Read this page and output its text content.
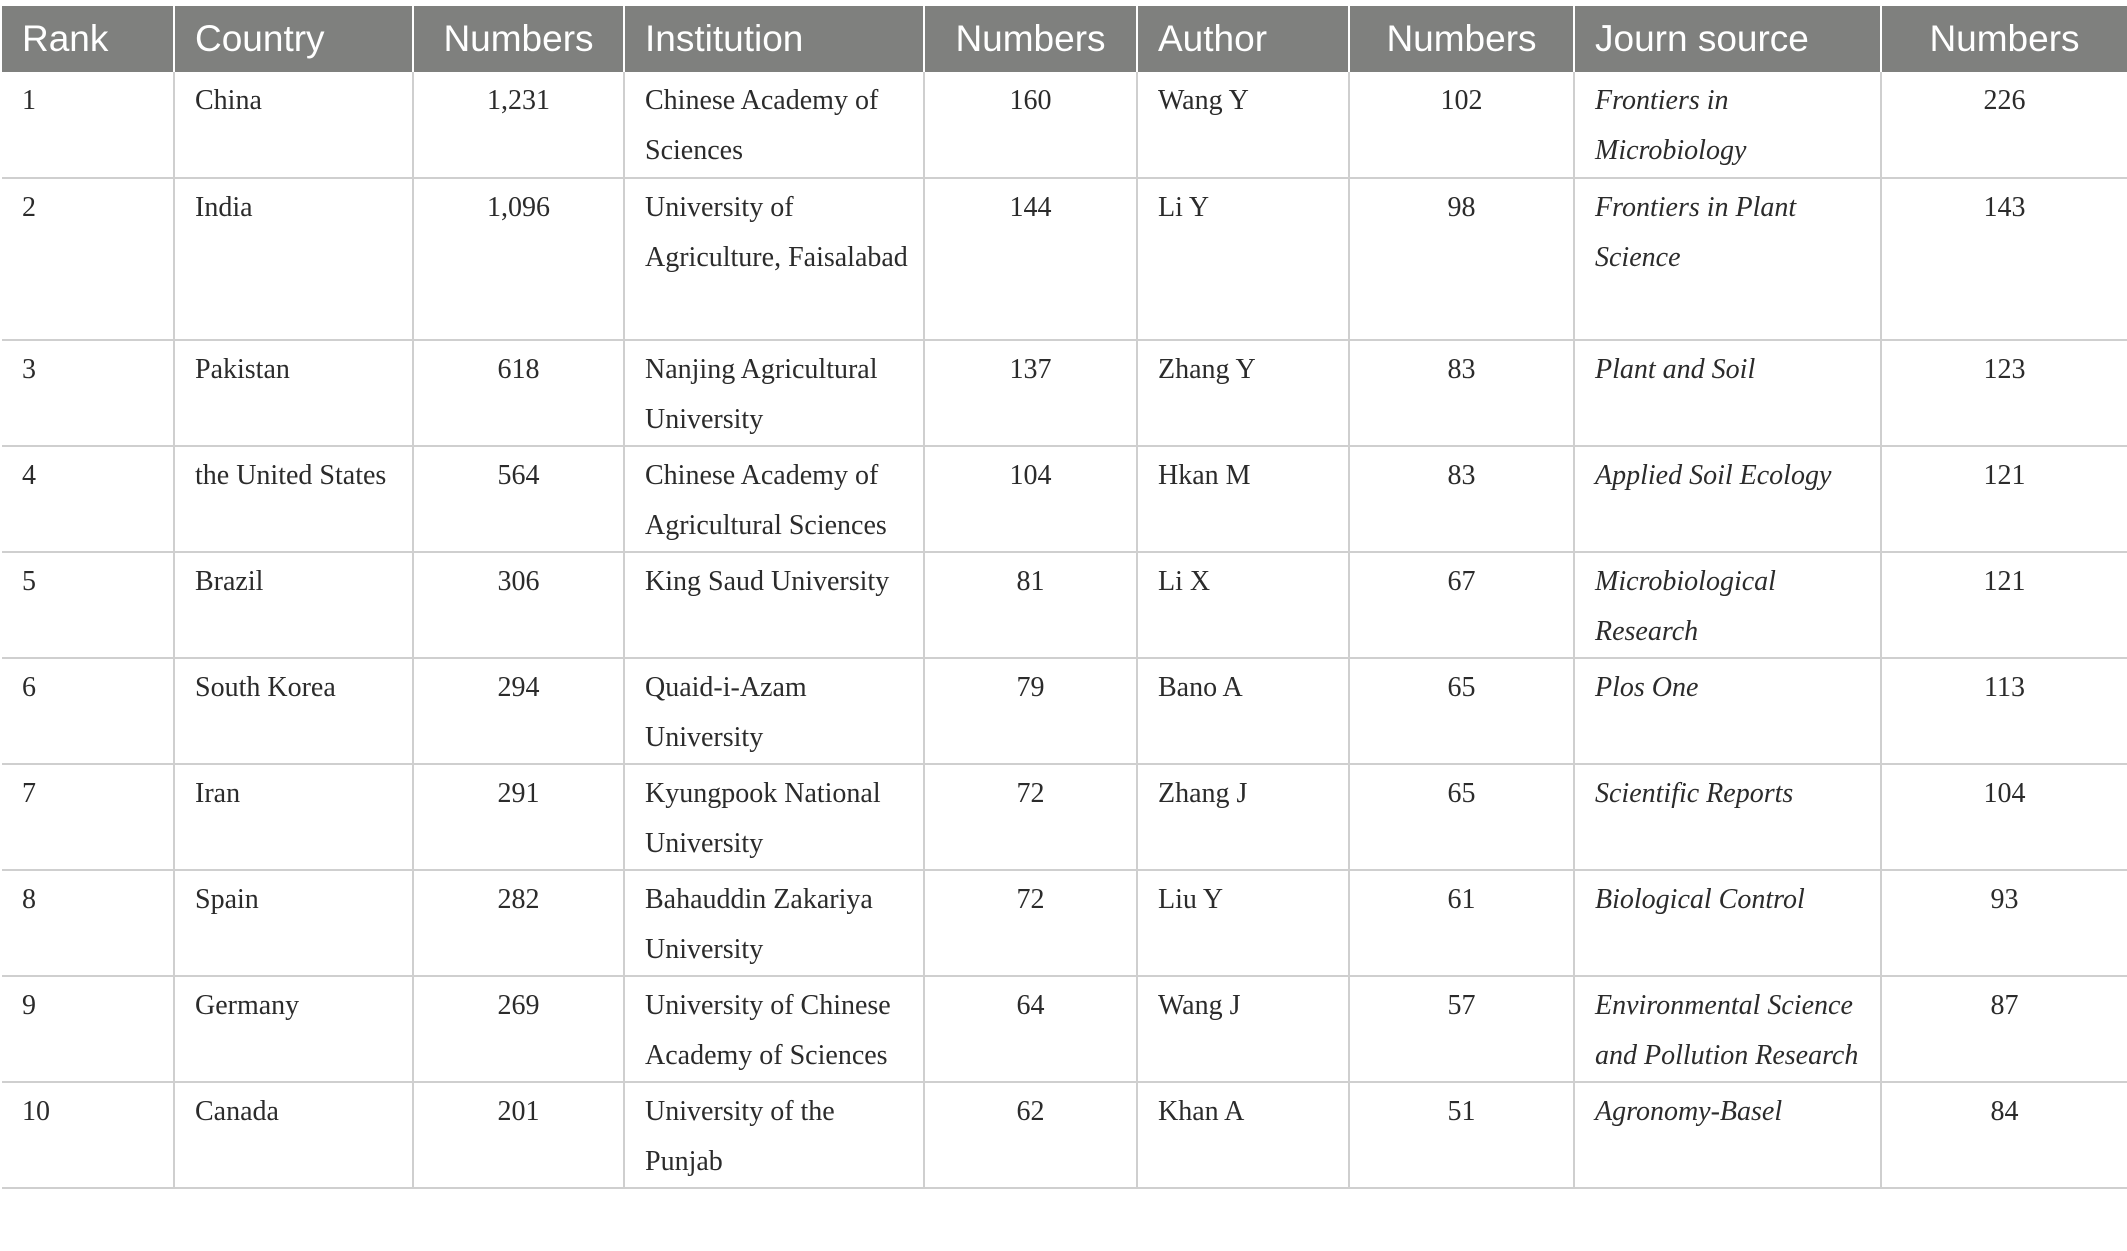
Rank	Country	Numbers	Institution	Numbers	Author	Numbers	Journ source	Numbers
1	China	1,231	Chinese Academy of Sciences	160	Wang Y	102	Frontiers in Microbiology	226
2	India	1,096	University of Agriculture, Faisalabad	144	Li Y	98	Frontiers in Plant Science	143
3	Pakistan	618	Nanjing Agricultural University	137	Zhang Y	83	Plant and Soil	123
4	the United States	564	Chinese Academy of Agricultural Sciences	104	Hkan M	83	Applied Soil Ecology	121
5	Brazil	306	King Saud University	81	Li X	67	Microbiological Research	121
6	South Korea	294	Quaid-i-Azam University	79	Bano A	65	Plos One	113
7	Iran	291	Kyungpook National University	72	Zhang J	65	Scientific Reports	104
8	Spain	282	Bahauddin Zakariya University	72	Liu Y	61	Biological Control	93
9	Germany	269	University of Chinese Academy of Sciences	64	Wang J	57	Environmental Science and Pollution Research	87
10	Canada	201	University of the Punjab	62	Khan A	51	Agronomy-Basel	84
